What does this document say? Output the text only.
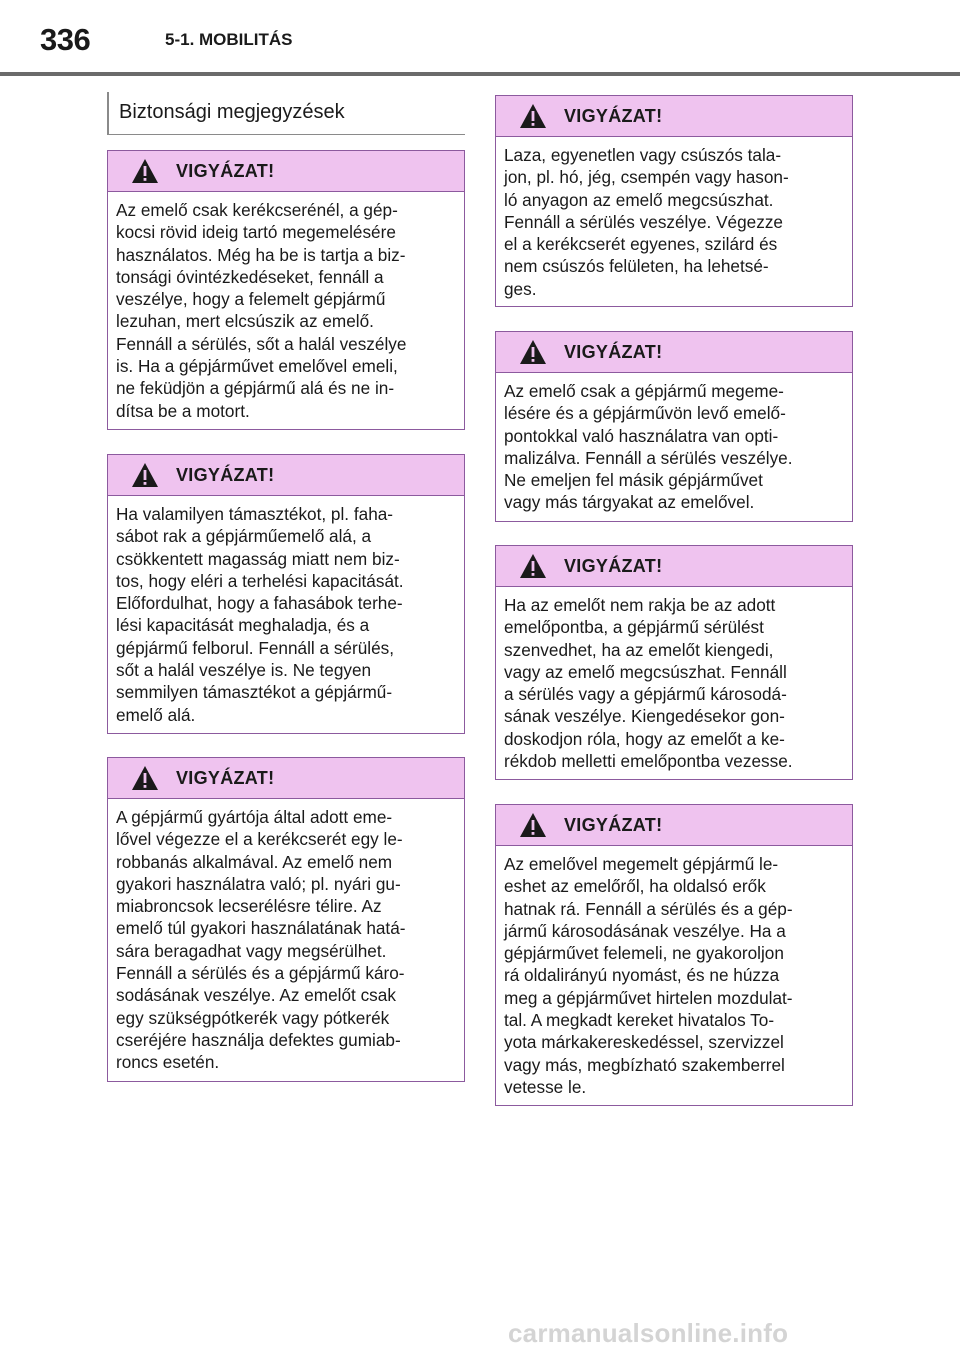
336	5-1. MOBILITÁS
Biztonsági megjegyzések
VIGYÁZAT!
Az emelő csak kerékcserénél, a gép-
kocsi rövid ideig tartó megemelésére
használatos. Még ha be is tartja a biz-
tonsági óvintézkedéseket, fennáll a
veszélye, hogy a felemelt gépjármű
lezuhan, mert elcsúszik az emelő.
Fennáll a sérülés, sőt a halál veszélye
is. Ha a gépjárművet emelővel emeli,
ne feküdjön a gépjármű alá és ne in-
dítsa be a motort.
VIGYÁZAT!
Ha valamilyen támasztékot, pl. faha-
sábot rak a gépjárműemelő alá, a
csökkentett magasság miatt nem biz-
tos, hogy eléri a terhelési kapacitását.
Előfordulhat, hogy a fahasábok terhe-
lési kapacitását meghaladja, és a
gépjármű felborul. Fennáll a sérülés,
sőt a halál veszélye is. Ne tegyen
semmilyen támasztékot a gépjármű-
emelő alá.
VIGYÁZAT!
A gépjármű gyártója által adott eme-
lővel végezze el a kerékcserét egy le-
robbanás alkalmával. Az emelő nem
gyakori használatra való; pl. nyári gu-
miabroncsok lecserélésre télire. Az
emelő túl gyakori használatának hatá-
sára beragadhat vagy megsérülhet.
Fennáll a sérülés és a gépjármű káro-
sodásának veszélye. Az emelőt csak
egy szükségpótkerék vagy pótkerék
cseréjére használja defektes gumiab-
roncs esetén.
VIGYÁZAT!
Laza, egyenetlen vagy csúszós tala-
jon, pl. hó, jég, csempén vagy hason-
ló anyagon az emelő megcsúszhat.
Fennáll a sérülés veszélye. Végezze
el a kerékcserét egyenes, szilárd és
nem csúszós felületen, ha lehetsé-
ges.
VIGYÁZAT!
Az emelő csak a gépjármű megeme-
lésére és a gépjárművön levő emelő-
pontokkal való használatra van opti-
malizálva. Fennáll a sérülés veszélye.
Ne emeljen fel másik gépjárművet
vagy más tárgyakat az emelővel.
VIGYÁZAT!
Ha az emelőt nem rakja be az adott
emelőpontba, a gépjármű sérülést
szenvedhet, ha az emelőt kiengedi,
vagy az emelő megcsúszhat. Fennáll
a sérülés vagy a gépjármű károsodá-
sának veszélye. Kiengedésekor gon-
doskodjon róla, hogy az emelőt a ke-
rékdob melletti emelőpontba vezesse.
VIGYÁZAT!
Az emelővel megemelt gépjármű le-
eshet az emelőről, ha oldalsó erők
hatnak rá. Fennáll a sérülés és a gép-
jármű károsodásának veszélye. Ha a
gépjárművet felemeli, ne gyakoroljon
rá oldalirányú nyomást, és ne húzza
meg a gépjárművet hirtelen mozdulat-
tal. A megkadt kereket hivatalos To-
yota márkakereskedéssel, szervizzel
vagy más, megbízható szakemberrel
vetesse le.
carmanualsonline.info
